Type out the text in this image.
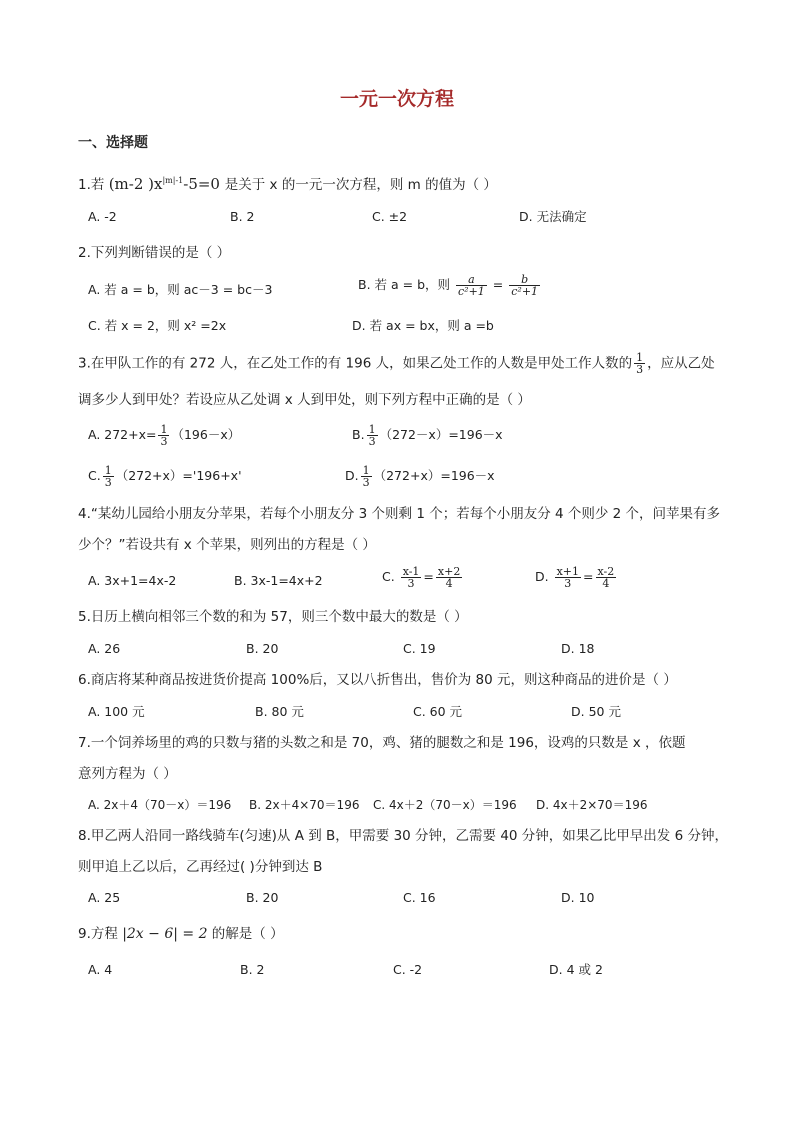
一元一次方程
一、选择题
1.若 (m-2 )$x^{|m|-1}-5=0$ 是关于 x 的一元一次方程，则 m 的值为（ ）
A. -2	B. 2	C. ±2	D. 无法确定
2.下列判断错误的是（ ）
A. 若 a = b，则 ac－3 = bc－3	B. 若 a = b，则 $\frac{a}{\text{c²+1}} = \frac{b}{\text{c²+1}}$
C. 若 x = 2，则 x² =2x	D. 若 ax = bx，则 a =b
3.在甲队工作的有 272 人，在乙处工作的有 196 人，如果乙处工作的人数是甲处工作人数的 $\frac{1}{3}$ ，应从乙处
调多少人到甲处？若设应从乙处调 x 人到甲处，则下列方程中正确的是（ ）
A. $272+x= \frac{1}{3} (196-x)$	B. $\frac{1}{3} (272-x)=196-x$
C. $\frac{1}{3} (272+x)='196+x'$	D. $\frac{1}{3} (272+x)=196-x$
4.“某幼儿园给小朋友分苹果，若每个小朋友分 3 个则剩 1 个；若每个小朋友分 4 个则少 2 个，问苹果有多
少个？”若设共有 x 个苹果，则列出的方程是（ ）
A. 3x+1=4x-2	B. 3x-1=4x+2	C. $\frac{x-1}{3} = \frac{x+2}{4}$	D. $\frac{x+1}{3} = \frac{x-2}{4}$
5.日历上横向相邻三个数的和为 57，则三个数中最大的数是（ ）
A. 26	B. 20	C. 19	D. 18
6.商店将某种商品按进货价提高 100%后，又以八折售出，售价为 80 元，则这种商品的进价是（ ）
A. 100 元	B. 80 元	C. 60 元	D. 50 元
7.一个饲养场里的鸡的只数与猪的头数之和是 70，鸡、猪的腿数之和是 196，设鸡的只数是 x ，依题
意列方程为（ ）
A. 2x＋4（70－x）＝196 B. 2x＋4×70＝196 C. 4x＋2（70－x）＝196 D. 4x＋2×70＝196
8.甲乙两人沿同一路线骑车(匀速)从 A 到 B，甲需要 30 分钟，乙需要 40 分钟，如果乙比甲早出发 6 分钟，
则甲追上乙以后，乙再经过( )分钟到达 B
A. 25	B. 20	C. 16	D. 10
9.方程 |2x − 6| = 2 的解是（ ）
A. 4	B. 2	C. -2	D. 4 或 2
